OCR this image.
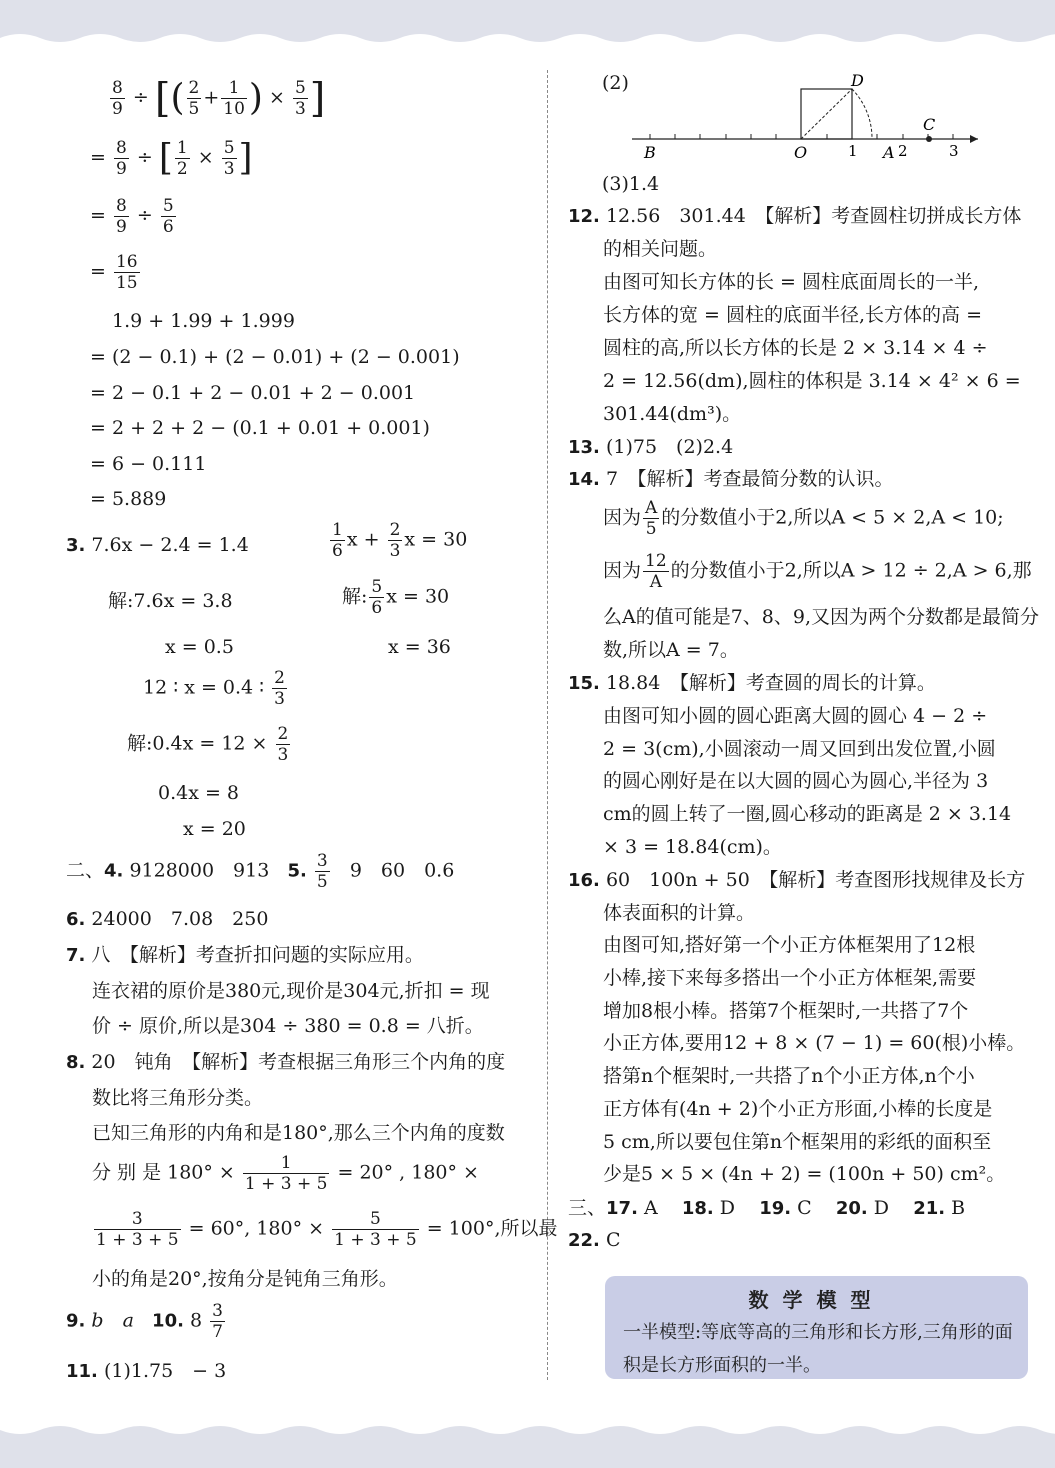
$\frac{8}{9}$ ÷ [( $\frac{2}{5} + \frac{1}{10}$ ) × $\frac{5}{3}$ ]
= $\frac{8}{9}$ ÷ [ $\frac{1}{2} \times \frac{5}{3}$ ]
= $\frac{8}{9} \div \frac{5}{6}$
= $\frac{16}{15}$
1.9 + 1.99 + 1.999
= (2 − 0.1) + (2 − 0.01) + (2 − 0.001)
= 2 − 0.1 + 2 − 0.01 + 2 − 0.001
= 2 + 2 + 2 − (0.1 + 0.01 + 0.001)
= 6 − 0.111
= 5.889
3. 7.6x − 2.4 = 1.4	$\frac{1}{6}$ $x + \frac{2}{3}$ x = 30
解:7.6x = 3.8	解: $\frac{5}{6}$ x = 30
x = 0.5	x = 36
12 ∶ x = 0.4 ∶ $\frac{2}{3}$
解:0.4x = $12 \times \frac{2}{3}$
0.4x = 8
x = 20
二、4. 9128000　913 5. $\frac{3}{5} 9$　60　0.6
6. 24000　7.08　250
7. 八　【解析】考查折扣问题的实际应用。
连衣裙的原价是380元,现价是304元,折扣 = 现
价 ÷ 原价,所以是304 ÷ 380 = 0.8 = 八折。
8. 20　钝角　【解析】考查根据三角形三个内角的度
数比将三角形分类。
已知三角形的内角和是180°,那么三个内角的度数
分 别 是 $180^\circ \times \frac{1}{1 + 3 + 5} = 20^\circ$ , 180° ×
$\frac{3}{1 + 3 + 5} = 60^\circ$, $180^\circ \times \frac{5}{1 + 3 + 5} = 100^\circ$,所以最
小的角是20°,按角分是钝角三角形。
9. b　a 10. $8 \frac{3}{7}$
11. (1)1.75　− 3
(2)	D
C
B	O	1 A 2	3
(3)1.4
12. 12.56　301.44　【解析】考查圆柱切拼成长方体
的相关问题。
由图可知长方体的长 = 圆柱底面周长的一半,
长方体的宽 = 圆柱的底面半径,长方体的高 =
圆柱的高,所以长方体的长是 2 × 3.14 × 4 ÷
2 = 12.56(dm),圆柱的体积是 3.14 × 4² × 6 =
301.44(dm³)。
13. (1)75　(2)2.4
14. 7　【解析】考查最简分数的认识。
因为 $\frac{A}{5}$ 的分数值小于2,所以A < 5 × 2,A < 10;
因为 $\frac{12}{A}$ 的分数值小于2,所以A > 12 ÷ 2,A > 6,那
么A的值可能是7、8、9,又因为两个分数都是最简分
数,所以A = 7。
15. 18.84　【解析】考查圆的周长的计算。
由图可知小圆的圆心距离大圆的圆心 4 − 2 ÷
2 = 3(cm),小圆滚动一周又回到出发位置,小圆
的圆心刚好是在以大圆的圆心为圆心,半径为 3
cm的圆上转了一圈,圆心移动的距离是 2 × 3.14
× 3 = 18.84(cm)。
16. 60　100n + 50　【解析】考查图形找规律及长方
体表面积的计算。
由图可知,搭好第一个小正方体框架用了12根
小棒,接下来每多搭出一个小正方体框架,需要
增加8根小棒。搭第7个框架时,一共搭了7个
小正方体,要用12 + 8 × (7 − 1) = 60(根)小棒。
搭第n个框架时,一共搭了n个小正方体,n个小
正方体有(4n + 2)个小正方形面,小棒的长度是
5 cm,所以要包住第n个框架用的彩纸的面积至
少是5 × 5 × (4n + 2) = (100n + 50) cm²。
三、17. A 18. D 19. C 20. D 21. B
22. C
数学模型
一半模型:等底等高的三角形和长方形,三角形的面积是长方形面积的一半。
